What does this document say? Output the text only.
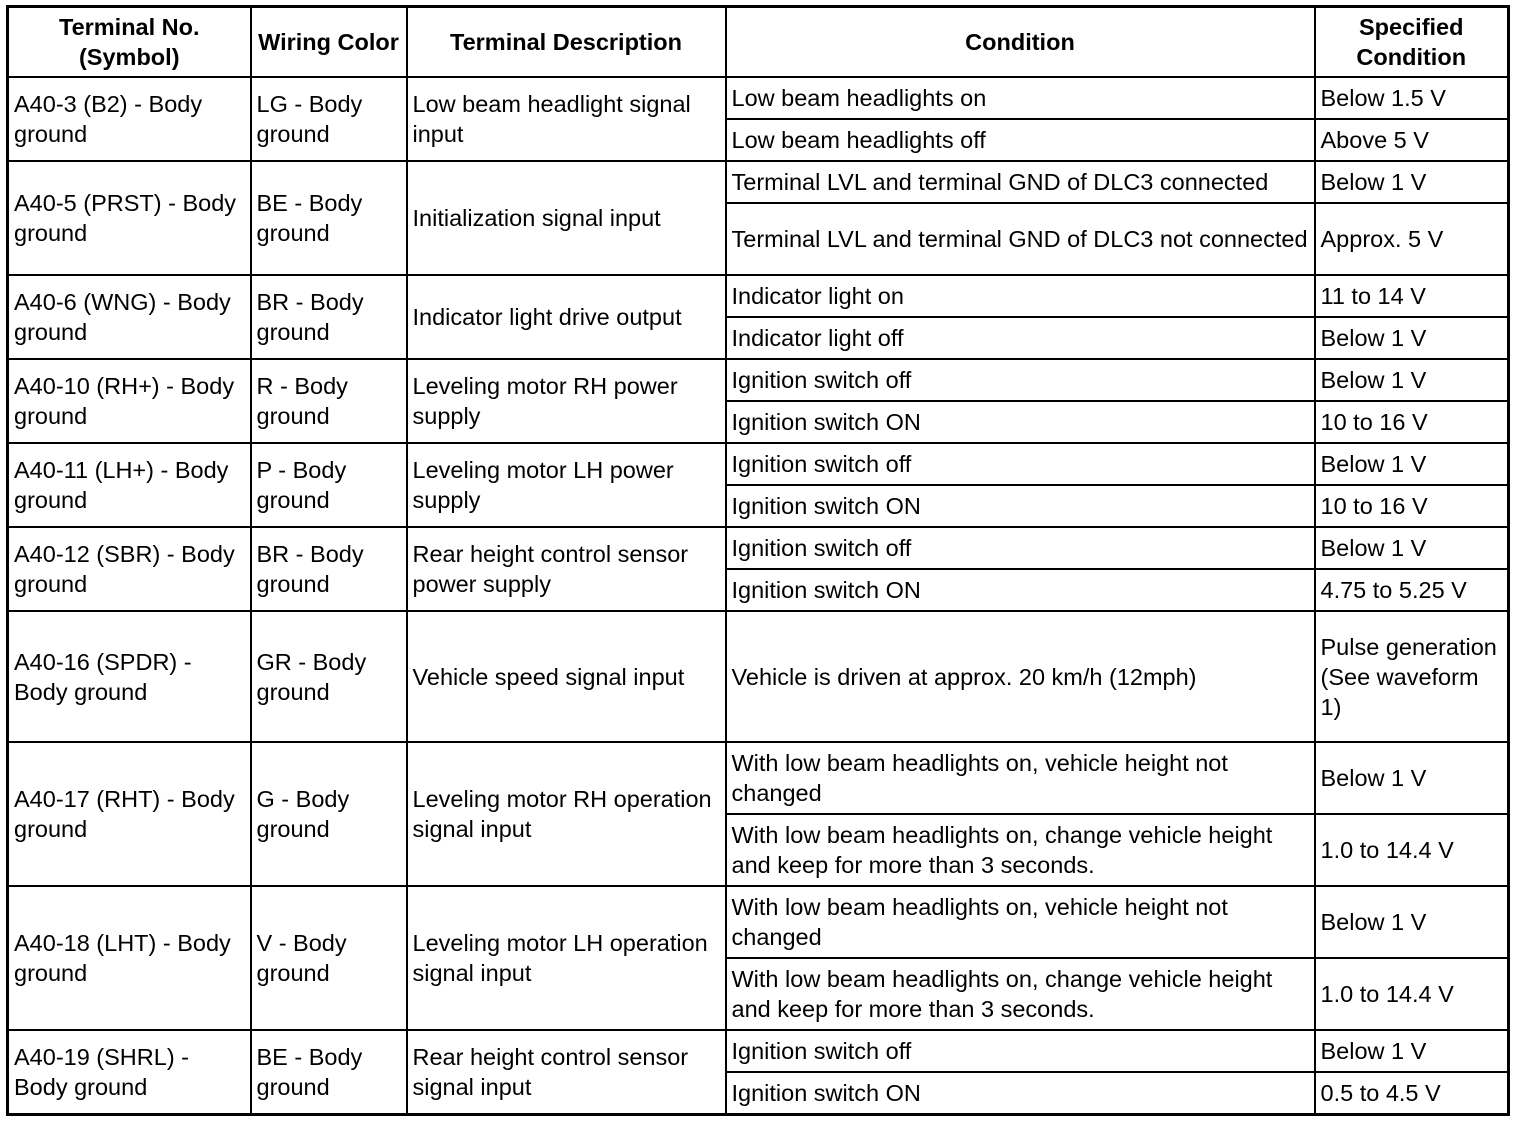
Terminal No. (Symbol)	Wiring Color	Terminal Description	Condition	Specified Condition
A40-3 (B2) - Body ground	LG - Body ground	Low beam headlight signal input	Low beam headlights on	Below 1.5 V
			Low beam headlights off	Above 5 V
A40-5 (PRST) - Body ground	BE - Body ground	Initialization signal input	Terminal LVL and terminal GND of DLC3 connected	Below 1 V
			Terminal LVL and terminal GND of DLC3 not connected	Approx. 5 V
A40-6 (WNG) - Body ground	BR - Body ground	Indicator light drive output	Indicator light on	11 to 14 V
			Indicator light off	Below 1 V
A40-10 (RH+) - Body ground	R - Body ground	Leveling motor RH power supply	Ignition switch off	Below 1 V
			Ignition switch ON	10 to 16 V
A40-11 (LH+) - Body ground	P - Body ground	Leveling motor LH power supply	Ignition switch off	Below 1 V
			Ignition switch ON	10 to 16 V
A40-12 (SBR) - Body ground	BR - Body ground	Rear height control sensor power supply	Ignition switch off	Below 1 V
			Ignition switch ON	4.75 to 5.25 V
A40-16 (SPDR) - Body ground	GR - Body ground	Vehicle speed signal input	Vehicle is driven at approx. 20 km/h (12mph)	Pulse generation (See waveform 1)
A40-17 (RHT) - Body ground	G - Body ground	Leveling motor RH operation signal input	With low beam headlights on, vehicle height not changed	Below 1 V
			With low beam headlights on, change vehicle height and keep for more than 3 seconds.	1.0 to 14.4 V
A40-18 (LHT) - Body ground	V - Body ground	Leveling motor LH operation signal input	With low beam headlights on, vehicle height not changed	Below 1 V
			With low beam headlights on, change vehicle height and keep for more than 3 seconds.	1.0 to 14.4 V
A40-19 (SHRL) - Body ground	BE - Body ground	Rear height control sensor signal input	Ignition switch off	Below 1 V
			Ignition switch ON	0.5 to 4.5 V
